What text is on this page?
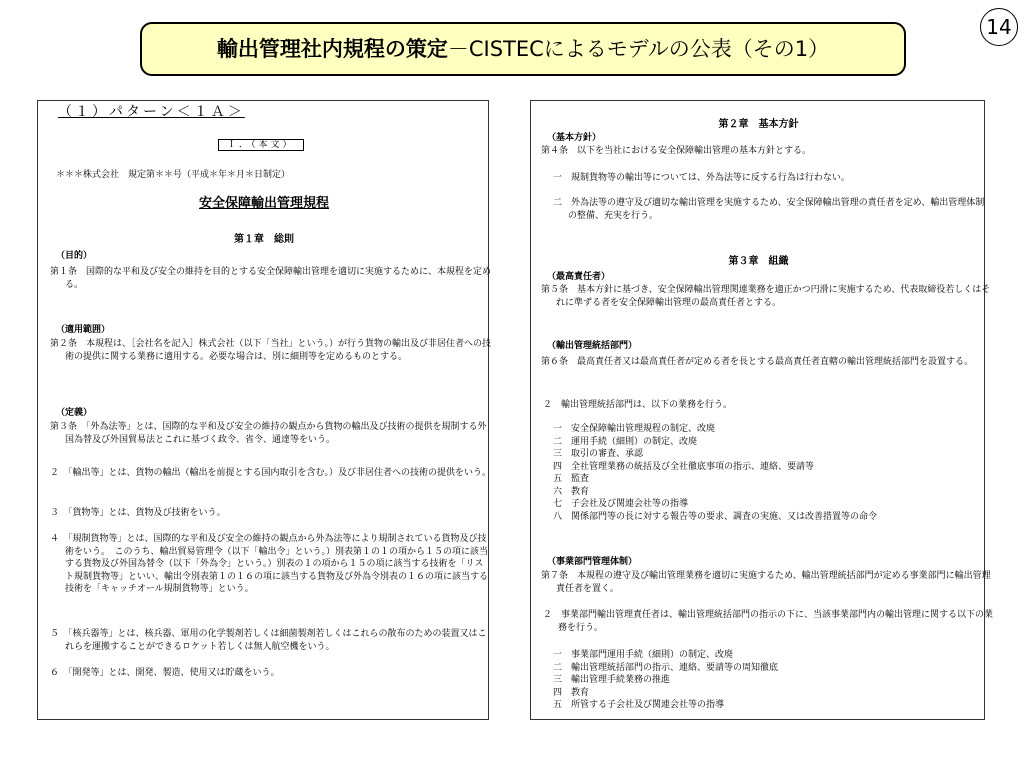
14
輸出管理社内規程の策定－CISTECによるモデルの公表（その1）
（１）パターン＜１Ａ＞
Ｉ．（本文）
＊＊＊株式会社　規定第＊＊号（平成＊年＊月＊日制定）
安全保障輸出管理規程
第１章　総則
（目的）
第１条　国際的な平和及び安全の維持を目的とする安全保障輸出管理を適切に実施するために、本規程を定める。
（適用範囲）
第２条　本規程は、［会社名を記入］株式会社（以下「当社」という。）が行う貨物の輸出及び非居住者への技術の提供に関する業務に適用する。必要な場合は、別に細則等を定めるものとする。
（定義）
第３条　「外為法等」とは、国際的な平和及び安全の維持の観点から貨物の輸出及び技術の提供を規制する外国為替及び外国貿易法とこれに基づく政令、省令、通達等をいう。
２　「輸出等」とは、貨物の輸出（輸出を前提とする国内取引を含む。）及び非居住者への技術の提供をいう。
３　「貨物等」とは、貨物及び技術をいう。
４　「規制貨物等」とは、国際的な平和及び安全の維持の観点から外為法等により規制されている貨物及び技術をいう。　このうち、輸出貿易管理令（以下「輸出令」という。）別表第１の１の項から１５の項に該当する貨物及び外国為替令（以下「外為令」という。）別表の１の項から１５の項に該当する技術を「リスト規制貨物等」といい、輸出令別表第１の１６の項に該当する貨物及び外為令別表の１６の項に該当する技術を「キャッチオール規制貨物等」という。
５　「核兵器等」とは、核兵器、軍用の化学製剤若しくは細菌製剤若しくはこれらの散布のための装置又はこれらを運搬することができるロケット若しくは無人航空機をいう。
６　「開発等」とは、開発、製造、使用又は貯蔵をいう。
第２章　基本方針
（基本方針）
第４条　以下を当社における安全保障輸出管理の基本方針とする。
一　規制貨物等の輸出等については、外為法等に反する行為は行わない。
二　外為法等の遵守及び適切な輸出管理を実施するため、安全保障輸出管理の責任者を定め、輸出管理体制の整備、充実を行う。
第３章　組織
（最高責任者）
第５条　基本方針に基づき、安全保障輸出管理関連業務を適正かつ円滑に実施するため、代表取締役若しくはそれに準ずる者を安全保障輸出管理の最高責任者とする。
（輸出管理統括部門）
第６条　最高責任者又は最高責任者が定める者を長とする最高責任者直轄の輸出管理統括部門を設置する。
２　輸出管理統括部門は、以下の業務を行う。
一　安全保障輸出管理規程の制定、改廃
二　運用手続（細則）の制定、改廃
三　取引の審査、承認
四　全社管理業務の統括及び全社徹底事項の指示、連絡、要請等
五　監査
六　教育
七　子会社及び関連会社等の指導
八　関係部門等の長に対する報告等の要求、調査の実施、又は改善措置等の命令
（事業部門管理体制）
第７条　本規程の遵守及び輸出管理業務を適切に実施するため、輸出管理統括部門が定める事業部門に輸出管理責任者を置く。
２　事業部門輸出管理責任者は、輸出管理統括部門の指示の下に、当該事業部門内の輸出管理に関する以下の業務を行う。
一　事業部門運用手続（細則）の制定、改廃
二　輸出管理統括部門の指示、連絡、要請等の周知徹底
三　輸出管理手続業務の推進
四　教育
五　所管する子会社及び関連会社等の指導
